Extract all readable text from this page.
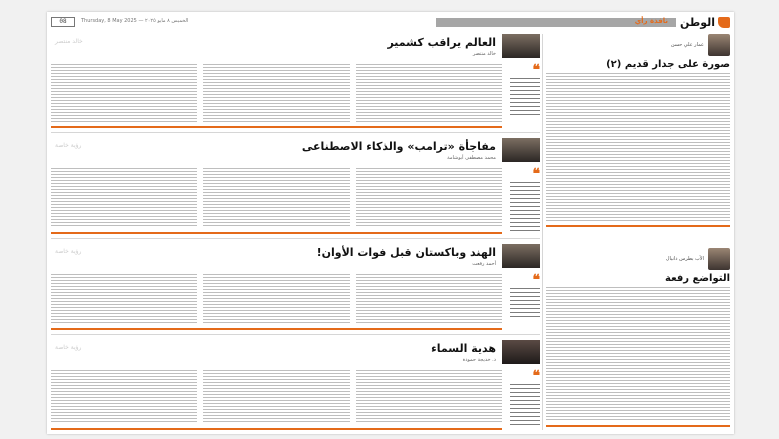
الوطن
نافذة رأي
الخميس ٨ مايو ٢٠٢٥ — Thursday, 8 May 2025
08
عمار علي حسن
صورة على جدار قديم (٢)
الأب بطرس دانيال
التواضع رفعة
العالم يراقب كشمير
خالد منتصر
خالد منتصر
❝
مفاجأة «ترامب» والذكاء الاصطناعى
محمد مصطفى أبوشامة
رؤية خاصة
❝
الهند وباكستان قبل فوات الأوان!
أحمد رفعت
رؤية خاصة
❝
هدية السماء
د. خديجة حمودة
رؤية خاصة
❝
